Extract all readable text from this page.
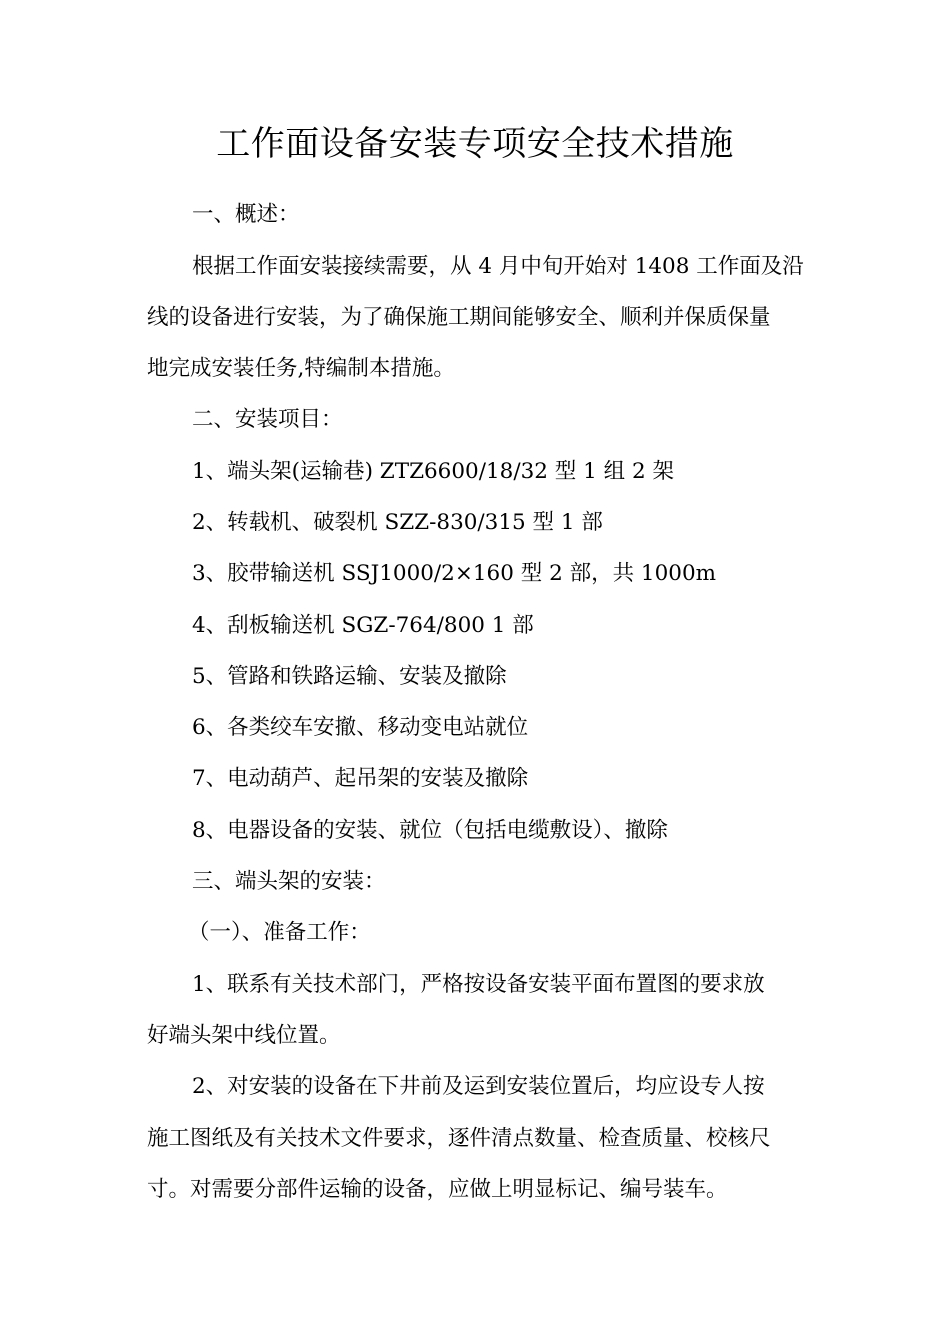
工作面设备安装专项安全技术措施
一、概述：
根据工作面安装接续需要，从 4 月中旬开始对 1408 工作面及沿
线的设备进行安装，为了确保施工期间能够安全、顺利并保质保量
地完成安装任务,特编制本措施。
二、安装项目：
1、端头架(运输巷) ZTZ6600/18/32 型 1 组 2 架
2、转载机、破裂机 SZZ-830/315 型 1 部
3、胶带输送机 SSJ1000/2×160 型 2 部，共 1000m
4、刮板输送机 SGZ-764/800 1 部
5、管路和铁路运输、安装及撤除
6、各类绞车安撤、移动变电站就位
7、电动葫芦、起吊架的安装及撤除
8、电器设备的安装、就位（包括电缆敷设）、撤除
三、端头架的安装：
（一）、准备工作：
1、联系有关技术部门，严格按设备安装平面布置图的要求放
好端头架中线位置。
2、对安装的设备在下井前及运到安装位置后，均应设专人按
施工图纸及有关技术文件要求，逐件清点数量、检查质量、校核尺
寸。对需要分部件运输的设备，应做上明显标记、编号装车。
